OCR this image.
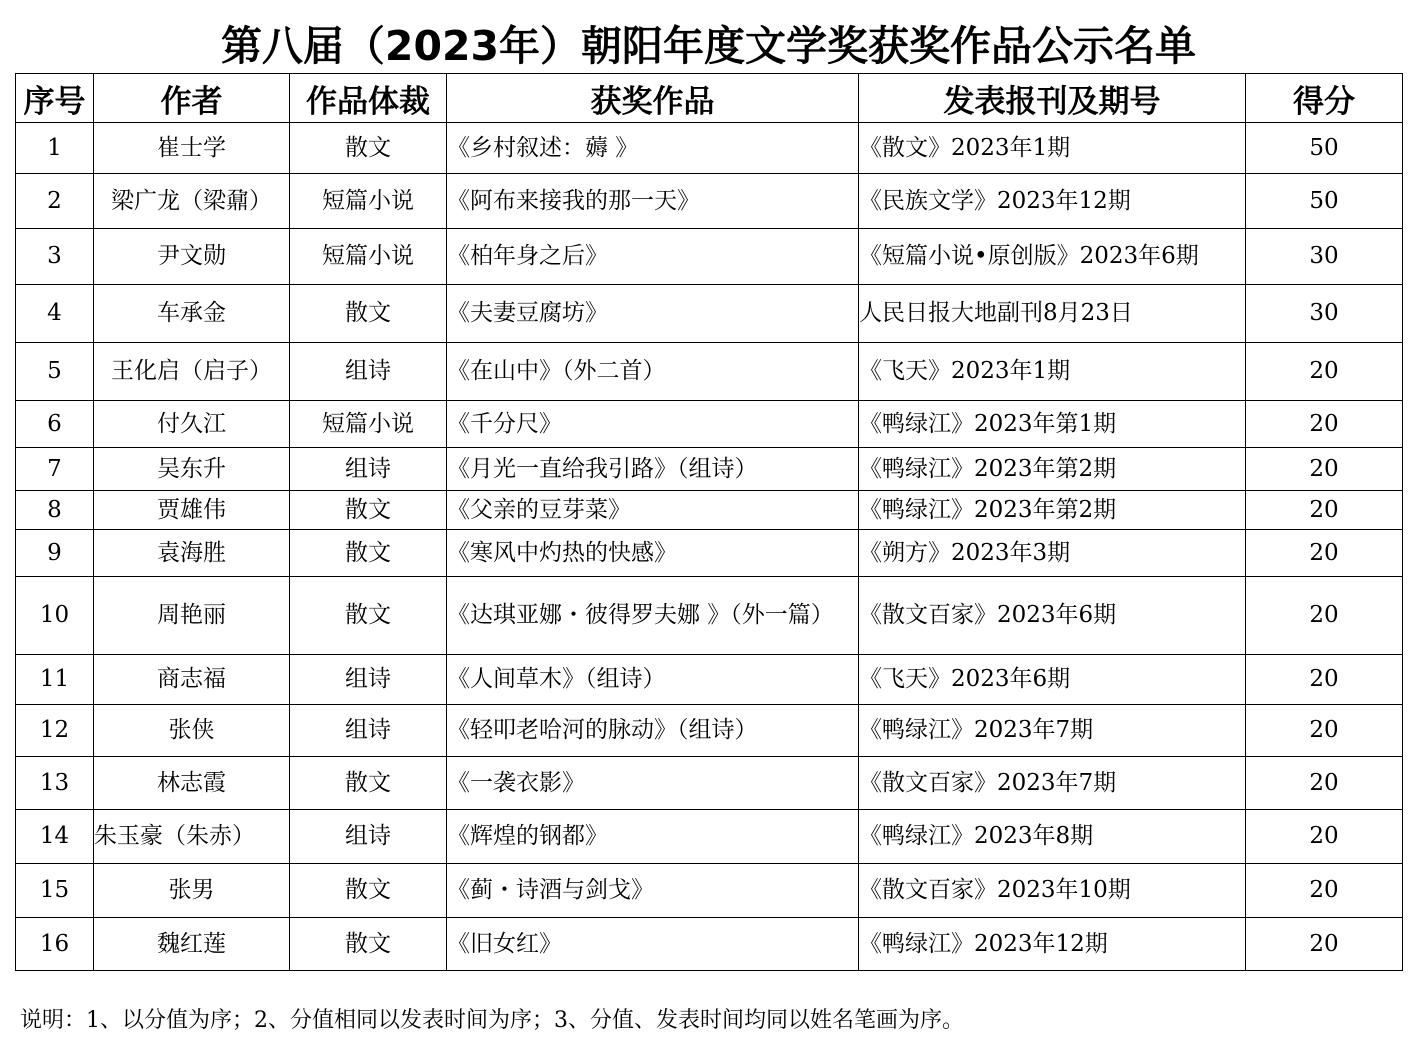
第八届（2023年）朝阳年度文学奖获奖作品公示名单
序号	作者	作品体裁	获奖作品	发表报刊及期号	得分
1	崔士学	散文	《乡村叙述：薅 》	《散文》2023年1期	50
2	梁广龙（梁鼐）	短篇小说	《阿布来接我的那一天》	《民族文学》2023年12期	50
3	尹文勋	短篇小说	《柏年身之后》	《短篇小说•原创版》2023年6期	30
4	车承金	散文	《夫妻豆腐坊》	人民日报大地副刊8月23日	30
5	王化启（启子）	组诗	《在山中》（外二首）	《飞天》2023年1期	20
6	付久江	短篇小说	《千分尺》	《鸭绿江》2023年第1期	20
7	吴东升	组诗	《月光一直给我引路》（组诗）	《鸭绿江》2023年第2期	20
8	贾雄伟	散文	《父亲的豆芽菜》	《鸭绿江》2023年第2期	20
9	袁海胜	散文	《寒风中灼热的快感》	《朔方》2023年3期	20
10	周艳丽	散文	《达琪亚娜・彼得罗夫娜 》（外一篇）	《散文百家》2023年6期	20
11	商志福	组诗	《人间草木》（组诗）	《飞天》2023年6期	20
12	张侠	组诗	《轻叩老哈河的脉动》（组诗）	《鸭绿江》2023年7期	20
13	林志霞	散文	《一袭衣影》	《散文百家》2023年7期	20
14	朱玉豪（朱赤）	组诗	《辉煌的钢都》	《鸭绿江》2023年8期	20
15	张男	散文	《蓟・诗酒与剑戈》	《散文百家》2023年10期	20
16	魏红莲	散文	《旧女红》	《鸭绿江》2023年12期	20
说明：1、以分值为序；2、分值相同以发表时间为序；3、分值、发表时间均同以姓名笔画为序。
